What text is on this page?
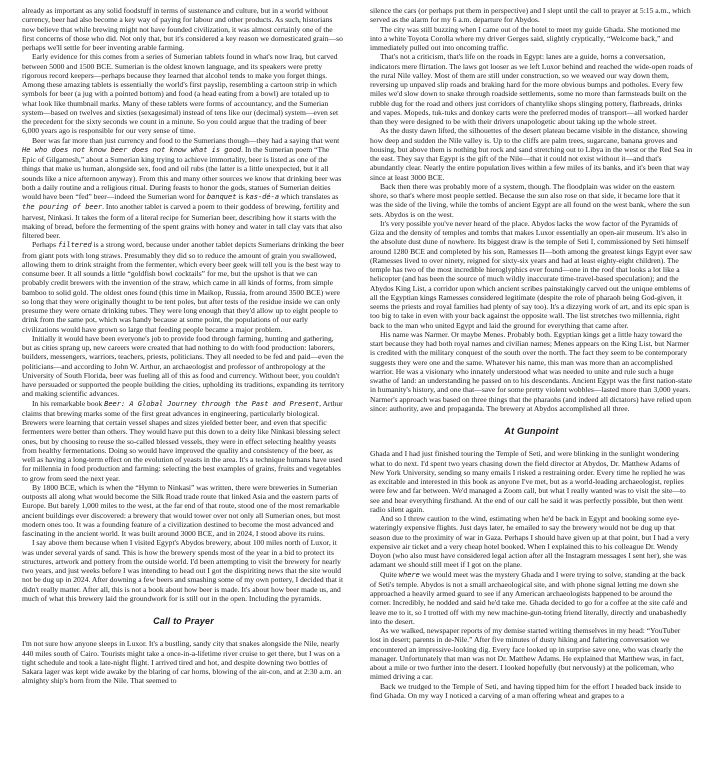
already as important as any solid foodstuff in terms of sustenance and culture, but in a world without currency, beer had also become a key way of paying for labour and other products. As such, historians now believe that while brewing might not have founded civilization, it was almost certainly one of the first concerns of those who did. Not only that, but it's considered a key reason we domesticated grain—so perhaps we'll settle for beer inventing arable farming.

Early evidence for this comes from a series of Sumerian tablets found in what's now Iraq, but carved between 5000 and 1500 BCE. Sumerian is the oldest known language, and its speakers were pretty rigorous record keepers—perhaps because they learned that alcohol tends to make you forget things. Among these amazing tablets is essentially the world's first payslip, resembling a cartoon strip in which symbols for beer (a jug with a pointed bottom) and food (a head eating from a bowl) are totaled up to what look like thumbnail marks. Many of these tablets were forms of accountancy, and the Sumerian system—based on twelves and sixties (sexagesimal) instead of tens like our (decimal) system—even set the precedent for the sixty seconds we count in a minute. So you could argue that the trading of beer 6,000 years ago is responsible for our very sense of time.

Beer was far more than just currency and food to the Sumerians though—they had a saying that went He who does not know beer does not know what is good. In the Sumerian poem “The Epic of Gilgamesh,” about a Sumerian king trying to achieve immortality, beer is listed as one of the things that make us human, alongside sex, food and oil rubs (the latter is a little unexpected, but it all sounds like a nice afternoon anyway). From this and many other sources we know that drinking beer was both a daily routine and a religious ritual. During feasts to honor the gods, statues of Sumerian deities would have been “fed” beer—indeed the Sumerian word for banquet is kas-dé-a which translates as the pouring of beer. Into another tablet is carved a poem to their goddess of brewing, fertility and harvest, Ninkasi. It takes the form of a literal recipe for Sumerian beer, describing how it starts with the making of bread, before the fermenting of the spent grains with honey and water in tall clay vats that also filtered beer.

Perhaps filtered is a strong word, because under another tablet depicts Sumerians drinking the beer from giant pots with long straws. Presumably they did so to reduce the amount of grain you swallowed, allowing them to drink straight from the fermenter, which every beer geek will tell you is the best way to consume beer. It all sounds a little “goldfish bowl cocktails” for me, but the upshot is that we can probably credit brewers with the invention of the straw, which came in all kinds of forms, from simple bamboo to solid gold. The oldest ones found (this time in Maikop, Russia, from around 3500 BCE) were so long that they were originally thought to be tent poles, but after tests of the residue inside we can only presume they were ornate drinking tubes. They were long enough that they'd allow up to eight people to drink from the same pot, which was handy because at some point, the populations of our early civilizations would have grown so large that feeding people became a major problem.

Initially it would have been everyone's job to provide food through farming, hunting and gathering, but as cities sprang up, new careers were created that had nothing to do with food production: laborers, builders, messengers, warriors, teachers, priests, politicians. They all needed to be fed and paid—even the politicians—and according to John W. Arthur, an archaeologist and professor of anthropology at the University of South Florida, beer was fueling all of this as food and currency. Without beer, you couldn't have persuaded or supported the people building the cities, upholding its traditions, expanding its territory and making scientific advances.

In his remarkable book Beer: A Global Journey through the Past and Present, Arthur claims that brewing marks some of the first great advances in engineering, particularly biological. Brewers were learning that certain vessel shapes and sizes yielded better beer, and even that specific fermenters were better than others. They would have put this down to a deity like Ninkasi blessing select ones, but by choosing to reuse the so-called blessed vessels, they were in effect selecting healthy yeasts from healthy fermentations. Doing so would have improved the quality and consistency of the beer, as well as having a long-term effect on the evolution of yeasts in the area. It's a technique humans have used for millennia in food production and farming: selecting the best examples of grains, fruits and vegetables to grow from seed the next year.

By 1800 BCE, which is when the “Hymn to Ninkasi” was written, there were breweries in Sumerian outposts all along what would become the Silk Road trade route that linked Asia and the eastern parts of Europe. But barely 1,000 miles to the west, at the far end of that route, stood one of the most remarkable ancient buildings ever discovered: a brewery that would tower over not only all Sumerian ones, but most modern ones too. It was a founding feature of a civilization destined to become the most advanced and fascinating in the ancient world. It was built around 3000 BCE, and in 2024, I stood above its ruins.

I say above them because when I visited Egypt's Abydos brewery, about 100 miles north of Luxor, it was under several yards of sand. This is how the brewery spends most of the year in a bid to protect its structures, artwork and pottery from the outside world. I'd been attempting to visit the brewery for nearly two years, and just weeks before I was intending to head out I got the dispiriting news that the site would not be dug up in 2024. After downing a few beers and smashing some of my own pottery, I decided that it didn't really matter. After all, this is not a book about how beer is made. It's about how beer made us, and much of what this brewery laid the groundwork for is still out in the open. Including the pyramids.

Call to Prayer

I'm not sure how anyone sleeps in Luxor. It's a bustling, sandy city that snakes alongside the Nile, nearly 440 miles south of Cairo. Tourists might take a once-in-a-lifetime river cruise to get there, but I was on a tight schedule and took a late-night flight. I arrived tired and hot, and despite downing two bottles of Sakara lager was kept wide awake by the blaring of car horns, blowing of the air-con, and at 2:30 a.m. an almighty ship's horn from the Nile. That seemed to

silence the cars (or perhaps put them in perspective) and I slept until the call to prayer at 5:15 a.m., which served as the alarm for my 6 a.m. departure for Abydos.

The city was still buzzing when I came out of the hotel to meet my guide Ghada. She motioned me into a white Toyota Corolla where my driver Gerges said, slightly cryptically, “Welcome back,” and immediately pulled out into oncoming traffic.

That's not a criticism, that's life on the roads in Egypt: lanes are a guide, horns a conversation, indicators mere flirtation. The laws got looser as we left Luxor behind and reached the wide-open roads of the rural Nile valley. Most of them are still under construction, so we weaved our way down them, reversing up unpaved slip roads and braking hard for the more obvious bumps and potholes. Every few miles we'd slow down to snake through roadside settlements, some no more than farmsteads built on the rubble dug for the road and others just corridors of chantylike shops slinging pottery, flatbreads, drinks and vapes. Mopeds, tuk-tuks and donkey carts were the preferred modes of transport—all worked harder than they were designed to be with their drivers unapologetic about taking up the whole street.

As the dusty dawn lifted, the silhouettes of the desert plateau became visible in the distance, showing how deep and sudden the Nile valley is. Up to the cliffs are palm trees, sugarcane, banana groves and housing, but above them is nothing but rock and sand stretching out to Libya in the west or the Red Sea in the east. They say that Egypt is the gift of the Nile—that it could not exist without it—and that's abundantly clear. Nearly the entire population lives within a few miles of its banks, and it's been that way since at least 3000 BCE.

Back then there was probably more of a system, though. The floodplain was wider on the eastern shore, so that's where most people settled. Because the sun also rose on that side, it became lore that it was the side of the living, while the tombs of ancient Egypt are all found on the west bank, where the sun sets. Abydos is on the west.

It's very possible you've never heard of the place. Abydos lacks the wow factor of the Pyramids of Giza and the density of temples and tombs that makes Luxor essentially an open-air museum. It's also in the absolute dust dune of nowhere. Its biggest draw is the temple of Seti I, commissioned by Seti himself around 1280 BCE and completed by his son, Ramesses II—both among the greatest kings Egypt ever saw (Ramesses lived to over ninety, reigned for sixty-six years and had at least eighty-eight children). The temple has two of the most incredible hieroglyphics ever found—one in the roof that looks a lot like a helicopter (and has been the source of much wildly inaccurate time-travel-based speculation); and the Abydos King List, a corridor upon which ancient scribes painstakingly carved out the unique emblems of all the Egyptian kings Ramesses considered legitimate (despite the role of pharaoh being God-given, it seems the priests and royal families had plenty of say too). It's a dizzying work of art, and its epic span is too big to take in even with your back against the opposite wall. The list stretches two millennia, right back to the man who united Egypt and laid the ground for everything that came after.

His name was Narmer. Or maybe Menes. Probably both. Egyptian kings get a little hazy toward the start because they had both royal names and civilian names; Menes appears on the King List, but Narmer is credited with the military conquest of the south over the north. The fact they seem to be contemporary suggests they were one and the same. Whatever his name, this man was more than an accomplished warrior. He was a visionary who innately understood what was needed to unite and rule such a huge swathe of land: an understanding he passed on to his descendants. Ancient Egypt was the first nation-state in humanity's history, and one that—save for some pretty violent wobbles—lasted more than 3,000 years. Narmer's approach was based on three things that the pharaohs (and indeed all dictators) have relied upon since: authority, awe and propaganda. The brewery at Abydos accomplished all three.

At Gunpoint

Ghada and I had just finished touring the Temple of Seti, and were blinking in the sunlight wondering what to do next. I'd spent two years chasing down the field director at Abydos, Dr. Matthew Adams of New York University, sending so many emails I risked a restraining order. Every time he replied he was as excitable and interested in this book as anyone I've met, but as a world-leading archaeologist, replies were few and far between. We'd managed a Zoom call, but what I really wanted was to visit the site—to see and hear everything firsthand. At the end of our call he said it was perfectly possible, but then went radio silent again.

And so I threw caution to the wind, estimating when he'd be back in Egypt and booking some eye-wateringly expensive flights. Just days later, he emailed to say the brewery would not be dug up that season due to the proximity of war in Gaza. Perhaps I should have given up at that point, but I had a very expensive air ticket and a very cheap hotel booked. When I explained this to his colleague Dr. Wendy Doyon (who also must have considered legal action after all the Instagram messages I sent her), she was adamant we should still meet if I got on the plane.

Quite where we would meet was the mystery Ghada and I were trying to solve, standing at the back of Seti's temple. Abydos is not a small archaeological site, and with phone signal letting me down she approached a heavily armed guard to see if any American archaeologists happened to be around the corner. Incredibly, he nodded and said he'd take me. Ghada decided to go for a coffee at the site café and leave me to it, so I trotted off with my new machine-gun-toting friend literally, directly and unabashedly into the desert.

As we walked, newspaper reports of my demise started writing themselves in my head: “YouTuber lost in desert; parents in de-Nile.” After five minutes of dusty hiking and faltering conversation we encountered an impressive-looking dig. Every face looked up in surprise save one, who was clearly the manager. Unfortunately that man was not Dr. Matthew Adams. He explained that Matthew was, in fact, about a mile or two further into the desert. I looked hopefully (but nervously) at the policeman, who mimed driving a car.

Back we trudged to the Temple of Seti, and having tipped him for the effort I headed back inside to find Ghada. On my way I noticed a carving of a man offering wheat and grapes to a
